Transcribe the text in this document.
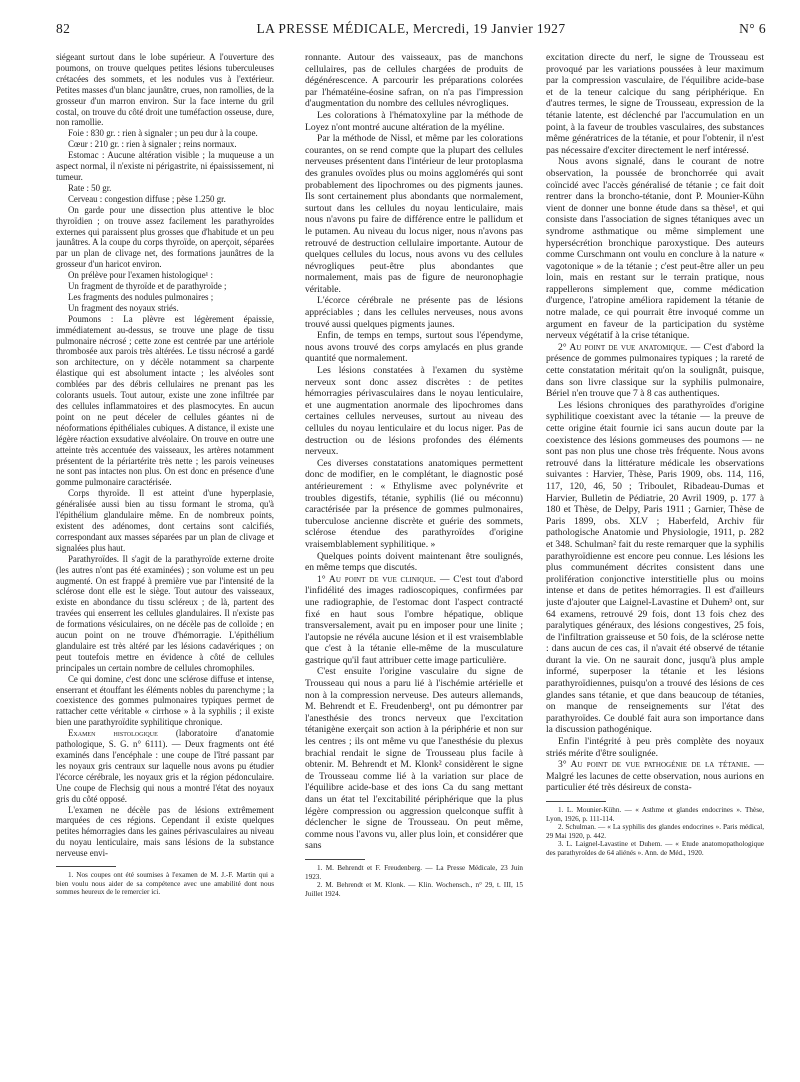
82	LA PRESSE MÉDICALE, Mercredi, 19 Janvier 1927	N° 6

siégeant surtout dans le lobe supérieur. A l'ouverture des poumons, on trouve quelques petites lésions tuberculeuses crétacées des sommets, et les nodules vus à l'extérieur. Petites masses d'un blanc jaunâtre, crues, non ramollies, de la grosseur d'un marron environ. Sur la face interne du gril costal, on trouve du côté droit une tuméfaction osseuse, dure, non ramollie.

Foie : 830 gr. : rien à signaler ; un peu dur à la coupe.

Cœur : 210 gr. : rien à signaler ; reins normaux.

Estomac : Aucune altération visible ; la muqueuse a un aspect normal, il n'existe ni périgastrite, ni épaississement, ni tumeur.

Rate : 50 gr.

Cerveau : congestion diffuse ; pèse 1.250 gr.

On garde pour une dissection plus attentive le bloc thyroïdien ; on trouve assez facilement les parathyroïdes externes qui paraissent plus grosses que d'habitude et un peu jaunâtres. A la coupe du corps thyroïde, on aperçoit, séparées par un plan de clivage net, des formations jaunâtres de la grosseur d'un haricot environ.

On prélève pour l'examen histologique¹ :

Un fragment de thyroïde et de parathyroïde ;

Les fragments des nodules pulmonaires ;

Un fragment des noyaux striés.

Poumons : La plèvre est légèrement épaissie, immédiatement au-dessus, se trouve une plage de tissu pulmonaire nécrosé ; cette zone est centrée par une artériole thrombosée aux parois très altérées. Le tissu nécrosé a gardé son architecture, on y décèle notamment sa charpente élastique qui est absolument intacte ; les alvéoles sont comblées par des débris cellulaires ne prenant pas les colorants usuels. Tout autour, existe une zone infiltrée par des cellules inflammatoires et des plasmocytes. En aucun point on ne peut déceler de cellules géantes ni de néoformations épithéliales cubiques. A distance, il existe une légère réaction exsudative alvéolaire. On trouve en outre une atteinte très accentuée des vaisseaux, les artères notamment présentent de la périartérite très nette ; les parois veineuses ne sont pas intactes non plus. On est donc en présence d'une gomme pulmonaire caractérisée.

Corps thyroïde. Il est atteint d'une hyperplasie, généralisée aussi bien au tissu formant le stroma, qu'à l'épithélium glandulaire même. En de nombreux points, existent des adénomes, dont certains sont calcifiés, correspondant aux masses séparées par un plan de clivage et signalées plus haut.

Parathyroïdes. Il s'agit de la parathyroïde externe droite (les autres n'ont pas été examinées) ; son volume est un peu augmenté. On est frappé à première vue par l'intensité de la sclérose dont elle est le siège. Tout autour des vaisseaux, existe en abondance du tissu scléreux ; de là, partent des travées qui enserrent les cellules glandulaires. Il n'existe pas de formations vésiculaires, on ne décèle pas de colloïde ; en aucun point on ne trouve d'hémorragie. L'épithélium glandulaire est très altéré par les lésions cadavériques ; on peut toutefois mettre en évidence à côté de cellules principales un certain nombre de cellules chromophiles.

Ce qui domine, c'est donc une sclérose diffuse et intense, enserrant et étouffant les éléments nobles du parenchyme ; la coexistence des gommes pulmonaires typiques permet de rattacher cette véritable « cirrhose » à la syphilis ; il existe bien une parathyroïdite syphilitique chronique.

Examen histologique (laboratoire d'anatomie pathologique, S. G. n° 6111). — Deux fragments ont été examinés dans l'encéphale : une coupe de l'îtré passant par les noyaux gris centraux sur laquelle nous avons pu étudier l'écorce cérébrale, les noyaux gris et la région pédonculaire. Une coupe de Flechsig qui nous a montré l'état des noyaux gris du côté opposé.

L'examen ne décèle pas de lésions extrêmement marquées de ces régions. Cependant il existe quelques petites hémorragies dans les gaines périvasculaires au niveau du noyau lenticulaire, mais sans lésions de la substance nerveuse envi-

1. Nos coupes ont été soumises à l'examen de M. J.-F. Martin qui a bien voulu nous aider de sa compétence avec une amabilité dont nous sommes heureux de le remercier ici.

ronnante. Autour des vaisseaux, pas de manchons cellulaires, pas de cellules chargées de produits de dégénérescence. A parcourir les préparations colorées par l'hématéine-éosine safran, on n'a pas l'impression d'augmentation du nombre des cellules névrogliques.

Les colorations à l'hématoxyline par la méthode de Loyez n'ont montré aucune altération de la myéline.

Par la méthode de Nissl, et même par les colorations courantes, on se rend compte que la plupart des cellules nerveuses présentent dans l'intérieur de leur protoplasma des granules ovoïdes plus ou moins agglomérés qui sont probablement des lipochromes ou des pigments jaunes. Ils sont certainement plus abondants que normalement, surtout dans les cellules du noyau lenticulaire, mais nous n'avons pu faire de différence entre le pallidum et le putamen. Au niveau du locus niger, nous n'avons pas retrouvé de destruction cellulaire importante. Autour de quelques cellules du locus, nous avons vu des cellules névrogliques peut-être plus abondantes que normalement, mais pas de figure de neuronophagie véritable.

L'écorce cérébrale ne présente pas de lésions appréciables ; dans les cellules nerveuses, nous avons trouvé aussi quelques pigments jaunes.

Enfin, de temps en temps, surtout sous l'épendyme, nous avons trouvé des corps amylacés en plus grande quantité que normalement.

Les lésions constatées à l'examen du système nerveux sont donc assez discrètes : de petites hémorragies périvasculaires dans le noyau lenticulaire, et une augmentation anormale des lipochromes dans certaines cellules nerveuses, surtout au niveau des cellules du noyau lenticulaire et du locus niger. Pas de destruction ou de lésions profondes des éléments nerveux.

Ces diverses constatations anatomiques permettent donc de modifier, en le complétant, le diagnostic posé antérieurement : « Ethylisme avec polynévrite et troubles digestifs, tétanie, syphilis (lié ou méconnu) caractérisée par la présence de gommes pulmonaires, tuberculose ancienne discrète et guérie des sommets, sclérose étendue des parathyroïdes d'origine vraisemblablement syphilitique. »

Quelques points doivent maintenant être soulignés, en même temps que discutés.

1° Au point de vue clinique. — C'est tout d'abord l'infidélité des images radioscopiques, confirmées par une radiographie, de l'estomac dont l'aspect contracté fixé en haut sous l'ombre hépatique, oblique transversalement, avait pu en imposer pour une linite ; l'autopsie ne révéla aucune lésion et il est vraisemblable que c'est à la tétanie elle-même de la musculature gastrique qu'il faut attribuer cette image particulière.

C'est ensuite l'origine vasculaire du signe de Trousseau qui nous a paru lié à l'ischémie artérielle et non à la compression nerveuse. Des auteurs allemands, M. Behrendt et E. Freudenberg¹, ont pu démontrer par l'anesthésie des troncs nerveux que l'excitation tétanigène exerçait son action à la périphérie et non sur les centres ; ils ont même vu que l'anesthésie du plexus brachial rendait le signe de Trousseau plus facile à obtenir. M. Behrendt et M. Klonk² considèrent le signe de Trousseau comme lié à la variation sur place de l'équilibre acide-base et des ions Ca du sang mettant dans un état tel l'excitabilité périphérique que la plus légère compression ou aggression quelconque suffit à déclencher le signe de Trousseau. On peut même, comme nous l'avons vu, aller plus loin, et considérer que sans

1. M. Behrendt et F. Freudenberg. — La Presse Médicale, 23 Juin 1923.

2. M. Behrendt et M. Klonk. — Klin. Wochensch., n° 29, t. III, 15 Juillet 1924.

excitation directe du nerf, le signe de Trousseau est provoqué par les variations poussées à leur maximum par la compression vasculaire, de l'équilibre acide-base et de la teneur calcique du sang périphérique. En d'autres termes, le signe de Trousseau, expression de la tétanie latente, est déclenché par l'accumulation en un point, à la faveur de troubles vasculaires, des substances même génératrices de la tétanie, et pour l'obtenir, il n'est pas nécessaire d'exciter directement le nerf intéressé.

Nous avons signalé, dans le courant de notre observation, la poussée de bronchorrée qui avait coïncidé avec l'accès généralisé de tétanie ; ce fait doit rentrer dans la broncho-tétanie, dont P. Mounier-Kühn vient de donner une bonne étude dans sa thèse¹, et qui consiste dans l'association de signes tétaniques avec un syndrome asthmatique ou même simplement une hypersécrétion bronchique paroxystique. Des auteurs comme Curschmann ont voulu en conclure à la nature « vagotonique » de la tétanie ; c'est peut-être aller un peu loin, mais en restant sur le terrain pratique, nous rappellerons simplement que, comme médication d'urgence, l'atropine améliora rapidement la tétanie de notre malade, ce qui pourrait être invoqué comme un argument en faveur de la participation du système nerveux végétatif à la crise tétanique.

2° Au point de vue anatomique. — C'est d'abord la présence de gommes pulmonaires typiques ; la rareté de cette constatation méritait qu'on la soulignât, puisque, dans son livre classique sur la syphilis pulmonaire, Bériel n'en trouve que 7 à 8 cas authentiques.

Les lésions chroniques des parathyroïdes d'origine syphilitique coexistant avec la tétanie — la preuve de cette origine était fournie ici sans aucun doute par la coexistence des lésions gommeuses des poumons — ne sont pas non plus une chose très fréquente. Nous avons retrouvé dans la littérature médicale les observations suivantes : Harvier, Thèse, Paris 1909, obs. 114, 116, 117, 120, 46, 50 ; Triboulet, Ribadeau-Dumas et Harvier, Bulletin de Pédiatrie, 20 Avril 1909, p. 177 à 180 et Thèse, de Delpy, Paris 1911 ; Garnier, Thèse de Paris 1899, obs. XLV ; Haberfeld, Archiv für pathologische Anatomie und Physiologie, 1911, p. 282 et 348. Schulman² fait du reste remarquer que la syphilis parathyroïdienne est encore peu connue. Les lésions les plus communément décrites consistent dans une prolifération conjonctive interstitielle plus ou moins intense et dans de petites hémorragies. Il est d'ailleurs juste d'ajouter que Laignel-Lavastine et Duhem³ ont, sur 64 examens, retrouvé 29 fois, dont 13 fois chez des paralytiques généraux, des lésions congestives, 25 fois, de l'infiltration graisseuse et 50 fois, de la sclérose nette : dans aucun de ces cas, il n'avait été observé de tétanie durant la vie. On ne saurait donc, jusqu'à plus ample informé, superposer la tétanie et les lésions parathyroïdiennes, puisqu'on a trouvé des lésions de ces glandes sans tétanie, et que dans beaucoup de tétanies, on manque de renseignements sur l'état des parathyroïdes. Ce doublé fait aura son importance dans la discussion pathogénique.

Enfin l'intégrité à peu près complète des noyaux striés mérite d'être soulignée.

3° Au point de vue pathogénie de la tétanie. — Malgré les lacunes de cette observation, nous aurions en particulier été très désireux de consta-

1. L. Mounier-Kühn. — « Asthme et glandes endocrines ». Thèse, Lyon, 1926, p. 111-114.

2. Schulman. — « La syphilis des glandes endocrines ». Paris médical, 29 Mai 1920, p. 442.

3. L. Laignel-Lavastine et Duhem. — « Etude anatomopathologique des parathyroïdes de 64 aliénés ». Ann. de Méd., 1920.
